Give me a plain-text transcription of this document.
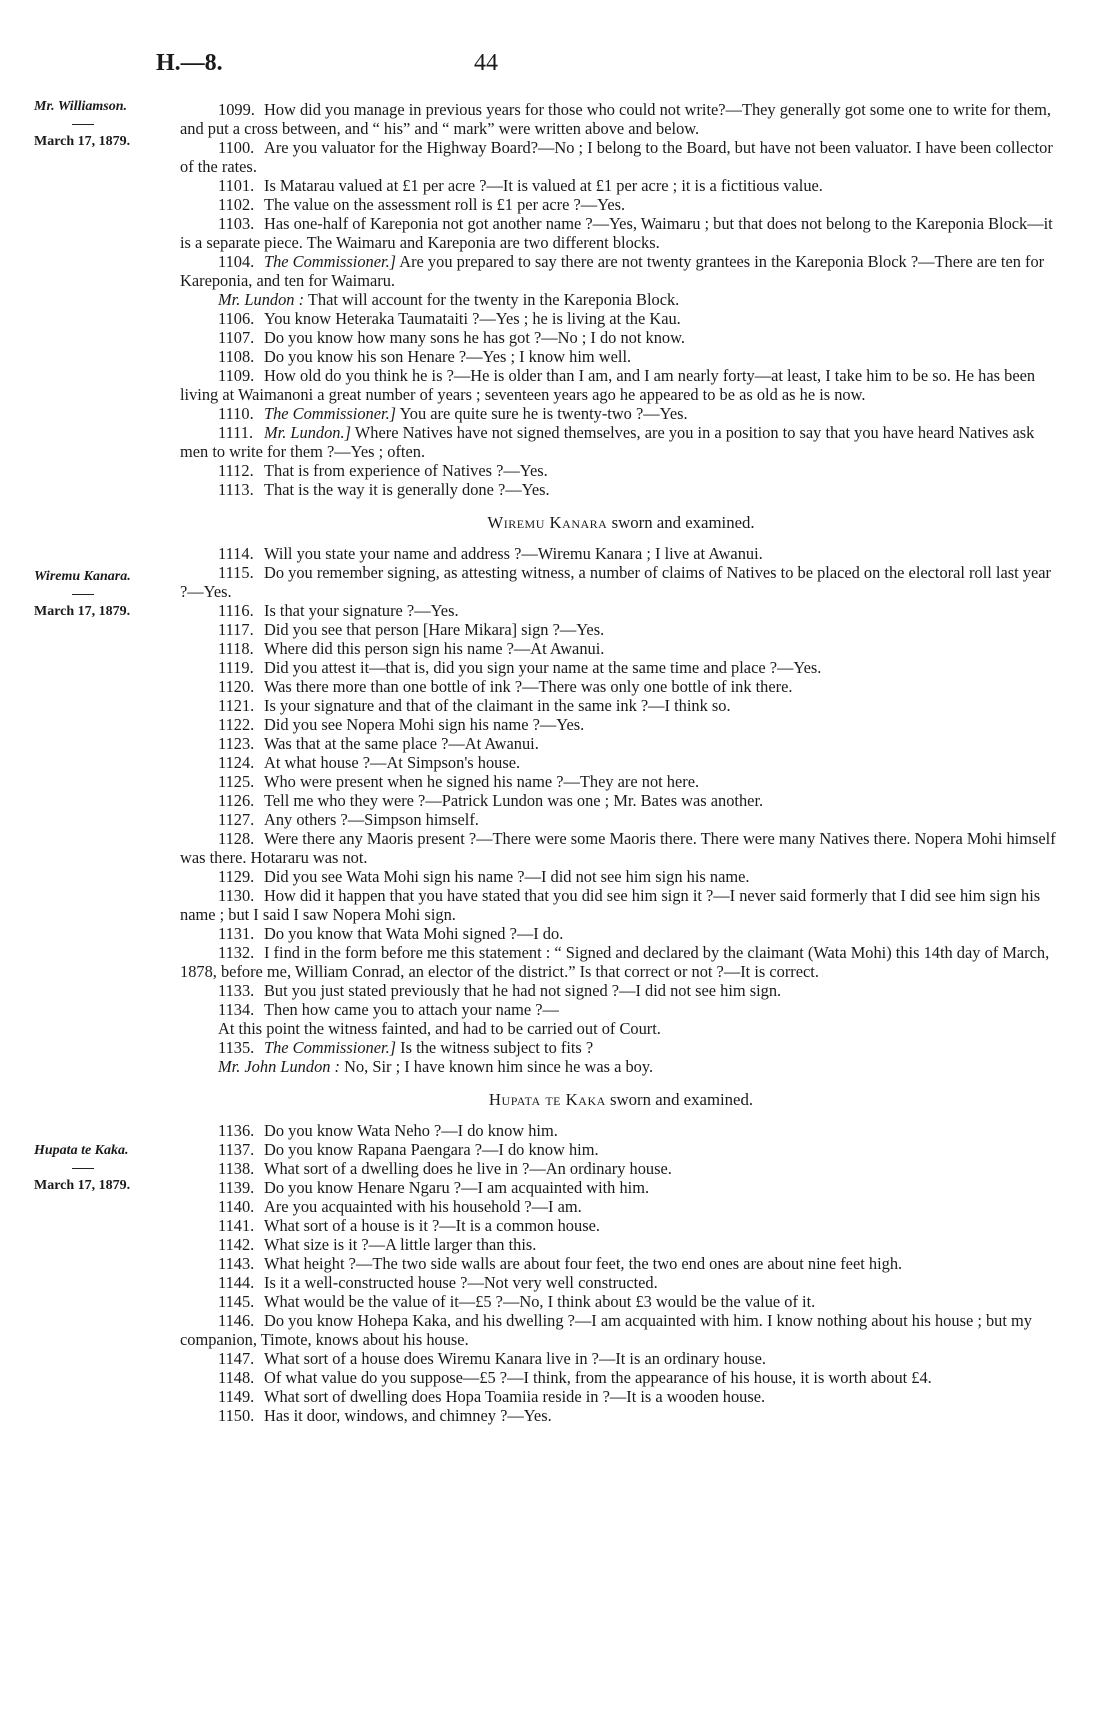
H.—8.	44
Mr. Williamson.
March 17, 1879.
Wiremu Kanara.
March 17, 1879.
Hupata te Kaka.
March 17, 1879.

1099. How did you manage in previous years for those who could not write?—They generally got some one to write for them, and put a cross between, and “ his” and “ mark” were written above and below.

1100. Are you valuator for the Highway Board?—No ; I belong to the Board, but have not been valuator. I have been collector of the rates.

1101. Is Matarau valued at £1 per acre ?—It is valued at £1 per acre ; it is a fictitious value.

1102. The value on the assessment roll is £1 per acre ?—Yes.

1103. Has one-half of Kareponia not got another name ?—Yes, Waimaru ; but that does not belong to the Kareponia Block—it is a separate piece. The Waimaru and Kareponia are two different blocks.

1104. The Commissioner.] Are you prepared to say there are not twenty grantees in the Kareponia Block ?—There are ten for Kareponia, and ten for Waimaru.

Mr. Lundon : That will account for the twenty in the Kareponia Block.

1106. You know Heteraka Taumataiti ?—Yes ; he is living at the Kau.

1107. Do you know how many sons he has got ?—No ; I do not know.

1108. Do you know his son Henare ?—Yes ; I know him well.

1109. How old do you think he is ?—He is older than I am, and I am nearly forty—at least, I take him to be so. He has been living at Waimanoni a great number of years ; seventeen years ago he appeared to be as old as he is now.

1110. The Commissioner.] You are quite sure he is twenty-two ?—Yes.

1111. Mr. Lundon.] Where Natives have not signed themselves, are you in a position to say that you have heard Natives ask men to write for them ?—Yes ; often.

1112. That is from experience of Natives ?—Yes.

1113. That is the way it is generally done ?—Yes.

Wiremu Kanara sworn and examined.

1114. Will you state your name and address ?—Wiremu Kanara ; I live at Awanui.

1115. Do you remember signing, as attesting witness, a number of claims of Natives to be placed on the electoral roll last year ?—Yes.

1116. Is that your signature ?—Yes.

1117. Did you see that person [Hare Mikara] sign ?—Yes.

1118. Where did this person sign his name ?—At Awanui.

1119. Did you attest it—that is, did you sign your name at the same time and place ?—Yes.

1120. Was there more than one bottle of ink ?—There was only one bottle of ink there.

1121. Is your signature and that of the claimant in the same ink ?—I think so.

1122. Did you see Nopera Mohi sign his name ?—Yes.

1123. Was that at the same place ?—At Awanui.

1124. At what house ?—At Simpson's house.

1125. Who were present when he signed his name ?—They are not here.

1126. Tell me who they were ?—Patrick Lundon was one ; Mr. Bates was another.

1127. Any others ?—Simpson himself.

1128. Were there any Maoris present ?—There were some Maoris there. There were many Natives there. Nopera Mohi himself was there. Hotararu was not.

1129. Did you see Wata Mohi sign his name ?—I did not see him sign his name.

1130. How did it happen that you have stated that you did see him sign it ?—I never said formerly that I did see him sign his name ; but I said I saw Nopera Mohi sign.

1131. Do you know that Wata Mohi signed ?—I do.

1132. I find in the form before me this statement : “ Signed and declared by the claimant (Wata Mohi) this 14th day of March, 1878, before me, William Conrad, an elector of the district.” Is that correct or not ?—It is correct.

1133. But you just stated previously that he had not signed ?—I did not see him sign.

1134. Then how came you to attach your name ?—

At this point the witness fainted, and had to be carried out of Court.

1135. The Commissioner.] Is the witness subject to fits ?

Mr. John Lundon : No, Sir ; I have known him since he was a boy.

Hupata te Kaka sworn and examined.

1136. Do you know Wata Neho ?—I do know him.

1137. Do you know Rapana Paengara ?—I do know him.

1138. What sort of a dwelling does he live in ?—An ordinary house.

1139. Do you know Henare Ngaru ?—I am acquainted with him.

1140. Are you acquainted with his household ?—I am.

1141. What sort of a house is it ?—It is a common house.

1142. What size is it ?—A little larger than this.

1143. What height ?—The two side walls are about four feet, the two end ones are about nine feet high.

1144. Is it a well-constructed house ?—Not very well constructed.

1145. What would be the value of it—£5 ?—No, I think about £3 would be the value of it.

1146. Do you know Hohepa Kaka, and his dwelling ?—I am acquainted with him. I know nothing about his house ; but my companion, Timote, knows about his house.

1147. What sort of a house does Wiremu Kanara live in ?—It is an ordinary house.

1148. Of what value do you suppose—£5 ?—I think, from the appearance of his house, it is worth about £4.

1149. What sort of dwelling does Hopa Toamiia reside in ?—It is a wooden house.

1150. Has it door, windows, and chimney ?—Yes.
